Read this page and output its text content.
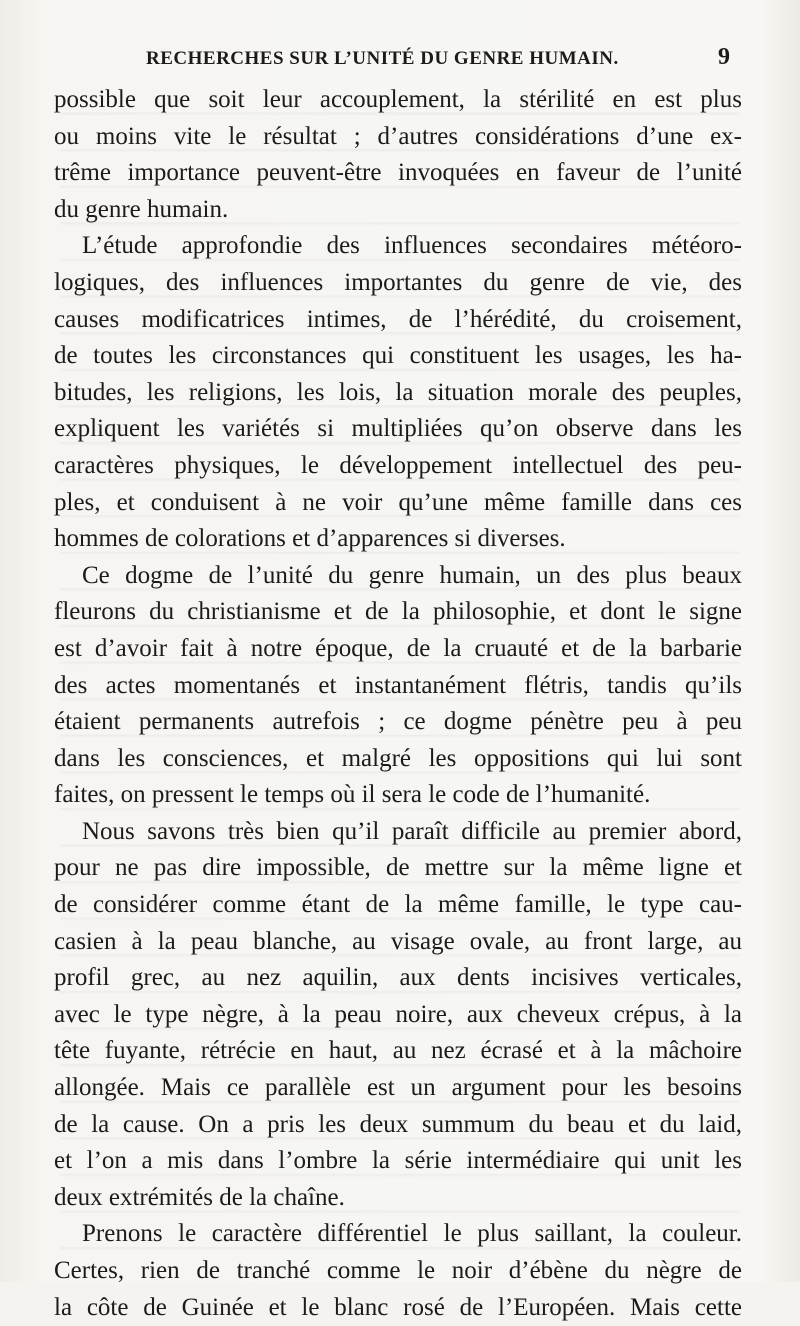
RECHERCHES SUR L’UNITÉ DU GENRE HUMAIN.	9
possible que soit leur accouplement, la stérilité en est plus
ou moins vite le résultat ; d’autres considérations d’une ex-
trême importance peuvent-être invoquées en faveur de l’unité
du genre humain.
L’étude approfondie des influences secondaires météoro-
logiques, des influences importantes du genre de vie, des
causes modificatrices intimes, de l’hérédité, du croisement,
de toutes les circonstances qui constituent les usages, les ha-
bitudes, les religions, les lois, la situation morale des peuples,
expliquent les variétés si multipliées qu’on observe dans les
caractères physiques, le développement intellectuel des peu-
ples, et conduisent à ne voir qu’une même famille dans ces
hommes de colorations et d’apparences si diverses.
Ce dogme de l’unité du genre humain, un des plus beaux
fleurons du christianisme et de la philosophie, et dont le signe
est d’avoir fait à notre époque, de la cruauté et de la barbarie
des actes momentanés et instantanément flétris, tandis qu’ils
étaient permanents autrefois ; ce dogme pénètre peu à peu
dans les consciences, et malgré les oppositions qui lui sont
faites, on pressent le temps où il sera le code de l’humanité.
Nous savons très bien qu’il paraît difficile au premier abord,
pour ne pas dire impossible, de mettre sur la même ligne et
de considérer comme étant de la même famille, le type cau-
casien à la peau blanche, au visage ovale, au front large, au
profil grec, au nez aquilin, aux dents incisives verticales,
avec le type nègre, à la peau noire, aux cheveux crépus, à la
tête fuyante, rétrécie en haut, au nez écrasé et à la mâchoire
allongée. Mais ce parallèle est un argument pour les besoins
de la cause. On a pris les deux summum du beau et du laid,
et l’on a mis dans l’ombre la série intermédiaire qui unit les
deux extrémités de la chaîne.
Prenons le caractère différentiel le plus saillant, la couleur.
Certes, rien de tranché comme le noir d’ébène du nègre de
la côte de Guinée et le blanc rosé de l’Européen. Mais cette
